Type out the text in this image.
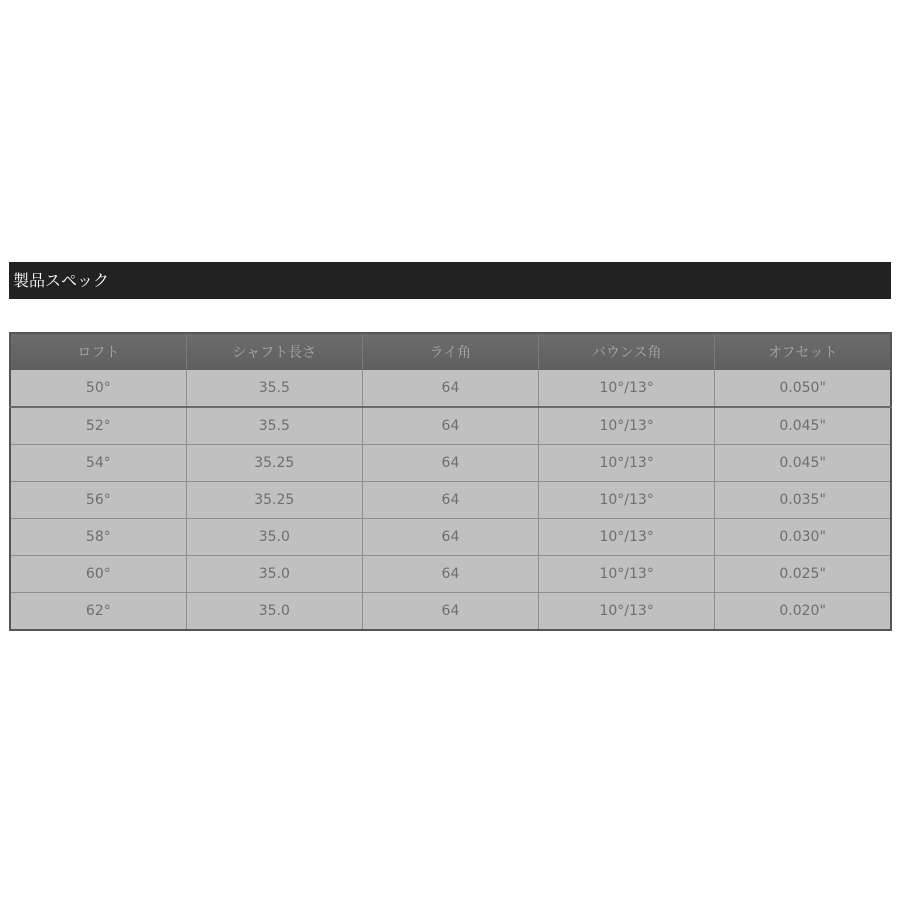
製品スペック
ロフト	シャフト長さ	ライ角	バウンス角	オフセット
50°	35.5	64	10°/13°	0.050"
52°	35.5	64	10°/13°	0.045"
54°	35.25	64	10°/13°	0.045"
56°	35.25	64	10°/13°	0.035"
58°	35.0	64	10°/13°	0.030"
60°	35.0	64	10°/13°	0.025"
62°	35.0	64	10°/13°	0.020"
